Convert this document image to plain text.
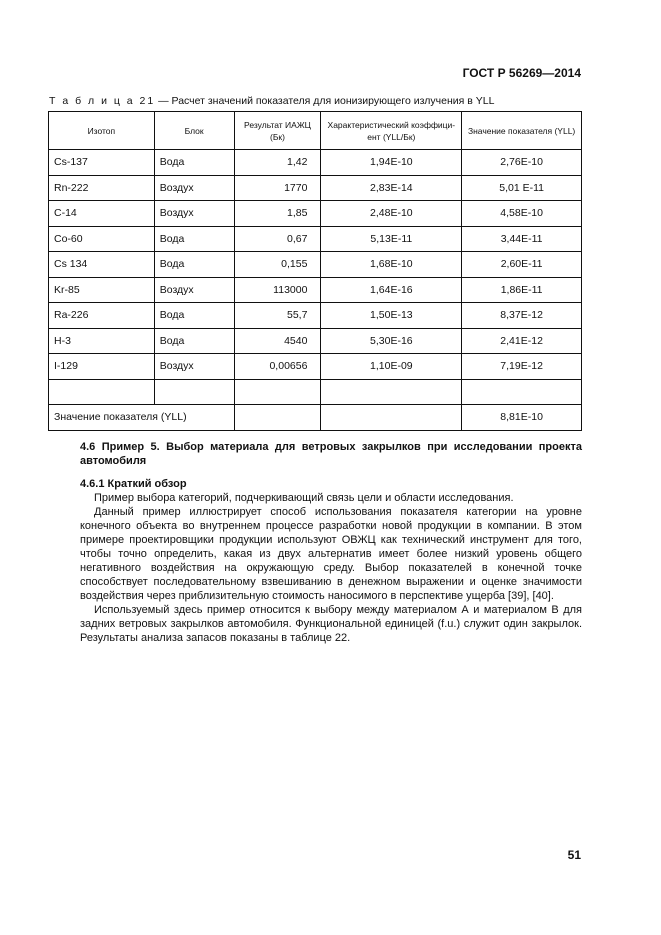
ГОСТ Р 56269—2014
Т а б л и ц а 21 — Расчет значений показателя для ионизирующего излучения в YLL
Изотоп	Блок	Результат ИАЖЦ (Бк)	Характеристический коэффици-ент (YLL/Бк)	Значение показателя (YLL)
Cs-137	Вода	1,42	1,94E-10	2,76E-10
Rn-222	Воздух	1770	2,83E-14	5,01 E-11
C-14	Воздух	1,85	2,48E-10	4,58E-10
Co-60	Вода	0,67	5,13E-11	3,44E-11
Cs 134	Вода	0,155	1,68E-10	2,60E-11
Kr-85	Воздух	113000	1,64E-16	1,86E-11
Ra-226	Вода	55,7	1,50E-13	8,37E-12
H-3	Вода	4540	5,30E-16	2,41E-12
I-129	Воздух	0,00656	1,10E-09	7,19E-12

Значение показателя (YLL)				8,81E-10
4.6 Пример 5. Выбор материала для ветровых закрылков при исследовании проекта автомобиля
4.6.1 Краткий обзор

Пример выбора категорий, подчеркивающий связь цели и области исследования.

Данный пример иллюстрирует способ использования показателя категории на уровне конечного объекта во внутреннем процессе разработки новой продукции в компании. В этом примере проектировщики продукции используют ОВЖЦ как технический инструмент для того, чтобы точно определить, какая из двух альтернатив имеет более низкий уровень общего негативного воздействия на окружающую среду. Выбор показателей в конечной точке способствует последовательному взвешиванию в денежном выражении и оценке значимости воздействия через приблизительную стоимость наносимого в перспективе ущерба [39], [40].

Используемый здесь пример относится к выбору между материалом А и материалом В для задних ветровых закрылков автомобиля. Функциональной единицей (f.u.) служит один закрылок. Результаты анализа запасов показаны в таблице 22.

51
